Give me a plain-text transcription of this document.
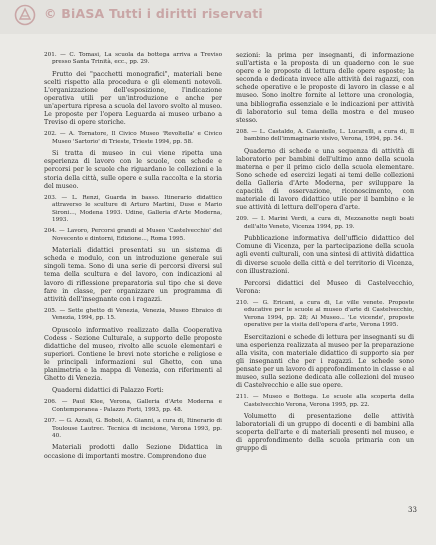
© BiASA Tutti i diritti riservati

201. — C. Tomasi, La scuola da bottega arriva a Treviso presso Santa Trinità, ecc., pp. 29.

Frutto dei "pacchetti monografici", materiali bene scelti rispetto alla procedura e gli elementi notevoli. L'organizzazione dell'esposizione, l'indicazione operativa utili per un'introduzione e anche per un'apertura ripresa a scuola del lavoro svolto al museo. Le proposte per l'opera Leguarda ai museo urbano a Treviso di opere storiche.

202. — A. Tornatore, Il Civico Museo 'Revoltella' e Civico Museo 'Sartorio' di Trieste, Trieste 1994, pp. 58.

Si tratta di museo in cui viene ripetta una esperienza di lavoro con le scuole, con schede e percorsi per le scuole che riguardano le collezioni e la storia della città, sulle opere e sulla raccolta e la storia del museo.

203. — L. Renzi, Guarda in basso. Itinerario didattico attraverso le sculture di Arturo Martini, Duse e Mario Sironi..., Modena 1993. Udine, Galleria d'Arte Moderna, 1993.

204. — Lavoro, Percorsi grandi al Museo 'Castelvecchio' del Novecento e dintorni, Edizione..., Roma 1995.

Materiali didattici presentati su un sistema di scheda e modulo, con un introduzione generale sui singoli tema. Sono di una serie di percorsi diversi sul tema della scultura e del lavoro, con indicazioni al lavoro di riflessione preparatoria sul tipo che si deve fare in classe, per organizzare un programma di attività dell'insegnante con i ragazzi.

205. — Sette ghetto di Venezia, Venezia, Museo Ebraico di Venezia, 1994, pp. 15.

Opuscolo informativo realizzato dalla Cooperativa Codess - Sezione Culturale, a supporto delle proposte didattiche del museo, rivolto alle scuole elementari e superiori. Contiene le brevi note storiche e religiose e le principali informazioni sul Ghetto, con una planimetria e la mappa di Venezia, con riferimenti al Ghetto di Venezia.

Quaderni didattici di Palazzo Forti:

206. — Paul Klee, Verona, Galleria d'Arte Moderna e Contemporanea - Palazzo Forti, 1993, pp. 48.

207. — G. Azzali, G. Boboli, A. Gianni, a cura di, Itinerario di Toulouse Lautrec. Tecnica di incisione, Verona 1993, pp. 40.

Materiali prodotti dallo Sezione Didattica in occasione di importanti mostre. Comprendono due

sezioni: la prima per insegnanti, di informazione sull'artista e la proposta di un quaderno con le sue opere e le proposte di lettura delle opere esposte; la seconda e dedicata invece alle attività dei ragazzi, con schede operative e le proposte di lavoro in classe e al museo. Sono inoltre fornite al lettore una cronologia, una bibliografia essenziale e le indicazioni per attività di laboratorio sul tema della mostra e del museo stesso.

208. — L. Castaldo, A. Caianiello, L. Lucarelli, a cura di, Il bambino dell'immaginario visivo, Verona, 1994, pp. 54.

Quaderno di schede e una sequenza di attività di laboratorio per bambini dell'ultimo anno della scuola materna e per il primo ciclo della scuola elementare. Sono schede ed esercizi legati ai temi delle collezioni della Galleria d'Arte Moderna, per sviluppare la capacità di osservazione, riconoscimento, con materiale di lavoro didattico utile per il bambino e le sue attività di lettura dell'opera d'arte.

209. — I. Marini Verdi, a cura di, Mezzanotte negli boati dell'alto Veneto, Vicenza 1994, pp. 19.

Pubblicazione informativa dell'ufficio didattico del Comune di Vicenza, per la partecipazione della scuola agli eventi culturali, con una sintesi di attività didattica di diverse scuole della città e del territorio di Vicenza, con illustrazioni.

Percorsi didattici del Museo di Castelvecchio, Verona:

210. — G. Ericani, a cura di, Le ville venete. Proposte educative per le scuole al museo d'arte di Castelvecchio, Verona 1994, pp. 28; Al Museo... 'Le vicende', proposte operative per la visita dell'opera d'arte, Verona 1995.

Esercitazioni e schede di lettura per insegnanti su di una esperienza realizzata al museo per la preparazione alla visita, con materiale didattico di supporto sia per gli insegnanti che per i ragazzi. Le schede sono pensate per un lavoro di approfondimento in classe e al museo, sulla sezione dedicata alle collezioni del museo di Castelvecchio e alle sue opere.

211. — Museo e Bottega. Le scuole alla scoperta della Castelvecchio Verona, Verona 1995, pp. 22.

Volumetto di presentazione delle attività laboratoriali di un gruppo di docenti e di bambini alla scoperta dell'arte e di materiali presenti nel museo, e di approfondimento della scuola primaria con un gruppo di

33
